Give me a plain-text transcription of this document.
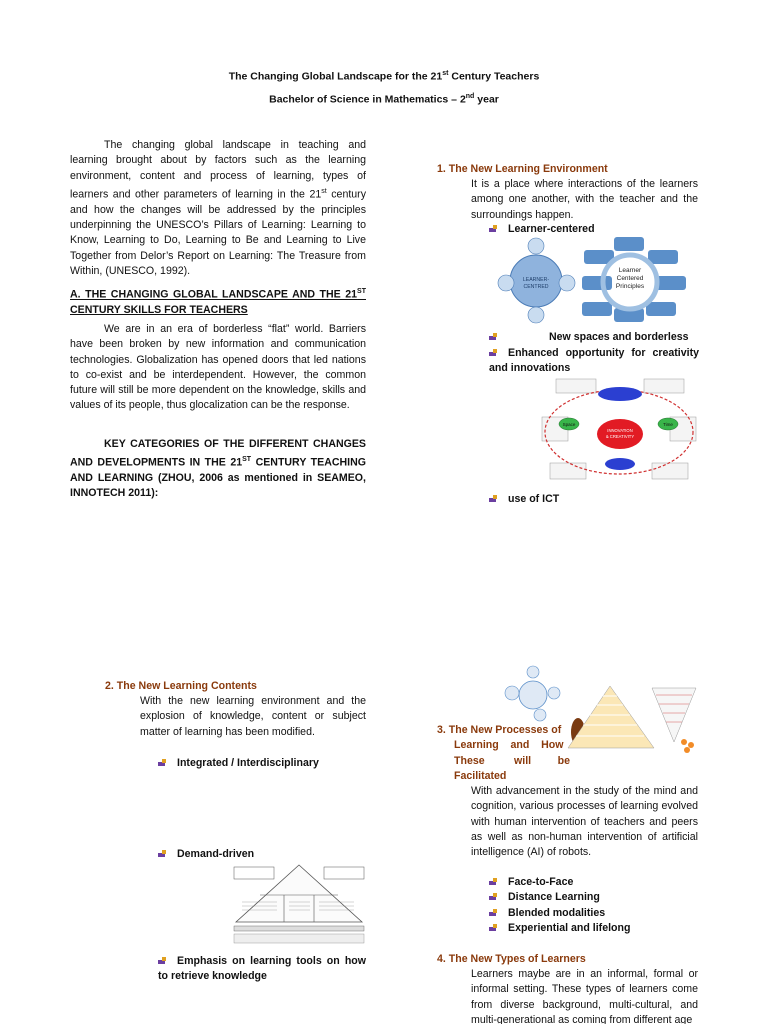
The Changing Global Landscape for the 21st Century Teachers
Bachelor of Science in Mathematics – 2nd year
The changing global landscape in teaching and learning brought about by factors such as the learning environment, content and process of learning, types of learners and other parameters of learning in the 21st century and how the changes will be addressed by the principles underpinning the UNESCO’s Pillars of Learning: Learning to Know, Learning to Do, Learning to Be and Learning to Live Together from Delor’s Report on Learning: The Treasure from Within, (UNESCO, 1992).
A. THE CHANGING GLOBAL LANDSCAPE AND THE 21ST CENTURY SKILLS FOR TEACHERS
We are in an era of borderless “flat” world. Barriers have been broken by new information and communication technologies. Globalization has opened doors that led nations to co-exist and be interdependent. However, the common future will still be more dependent on the knowledge, skills and values of its people, thus glocalization can be the response.
KEY CATEGORIES OF THE DIFFERENT CHANGES AND DEVELOPMENTS IN THE 21ST CENTURY TEACHING AND LEARNING (ZHOU, 2006 as mentioned in SEAMEO, INNOTECH 2011):
1. The New Learning Environment
It is a place where interactions of the learners among one another, with the teacher and the surroundings happen.
Learner-centered
LEARNER-
CENTRED
Learner
Centered
Principles
New spaces and borderless
Enhanced opportunity for creativity and innovations
Space	Time
INNOVATION
& CREATIVITY
use of ICT
2. The New Learning Contents
With the new learning environment and the explosion of knowledge, content or subject matter of learning has been modified.
Integrated / Interdisciplinary
Demand-driven
Emphasis on learning tools on how to retrieve knowledge
3. The New Processes of
Learning    and    How
These          will         be
Facilitated
With advancement in the study of the mind and cognition, various processes of learning evolved with human intervention of teachers and peers as well as non-human intervention of artificial intelligence (AI) of robots.
Face-to-Face
Distance Learning
Blended modalities
Experiential and lifelong
4. The New Types of Learners
Learners maybe are in an informal, formal or informal setting. These types of learners come from diverse background, multi-cultural, and multi-generational as coming from different age
